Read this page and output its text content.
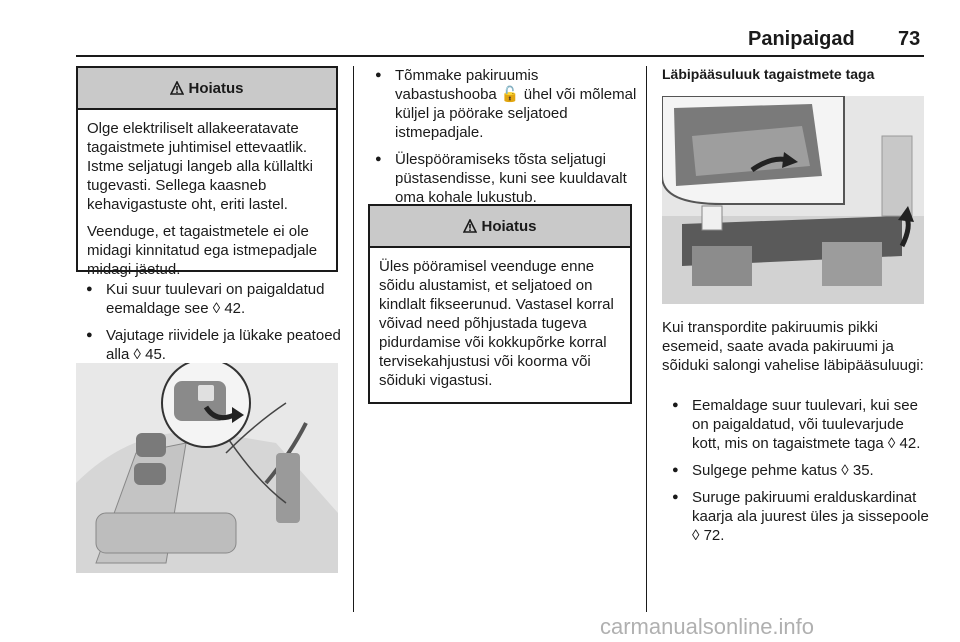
Panipaigad 73
Hoiatus

Olge elektriliselt allakeeratavate tagaistmete juhtimisel ettevaatlik. Istme seljatugi langeb alla küllaltki tugevasti. Sellega kaasneb kehavigastuste oht, eriti lastel.

Veenduge, et tagaistmetele ei ole midagi kinnitatud ega istmepadjale midagi jäetud.

● Kui suur tuulevari on paigaldatud eemaldage see ◊ 42.
● Vajutage riividele ja lükake peatoed alla ◊ 45.
● Tõmmake pakiruumis vabastushooba 🔓 ühel või mõlemal küljel ja pöörake seljatoed istmepadjale.
● Ülespööramiseks tõsta seljatugi püstasendisse, kuni see kuuldavalt oma kohale lukustub.
Hoiatus

Üles pööramisel veenduge enne sõidu alustamist, et seljatoed on kindlalt fikseerunud. Vastasel korral võivad need põhjustada tugeva pidurdamise või kokkupõrke korral tervisekahjustusi või koorma või sõiduki vigastusi.

Läbipääsuluuk tagaistmete taga

Kui transpordite pakiruumis pikki esemeid, saate avada pakiruumi ja sõiduki salongi vahelise läbipääsuluugi:

● Eemaldage suur tuulevari, kui see on paigaldatud, või tuulevarjude kott, mis on tagaistmete taga ◊ 42.
● Sulgege pehme katus ◊ 35.
● Suruge pakiruumi eralduskardinat kaarja ala juurest üles ja sissepoole ◊ 72.
carmanualsonline.info
